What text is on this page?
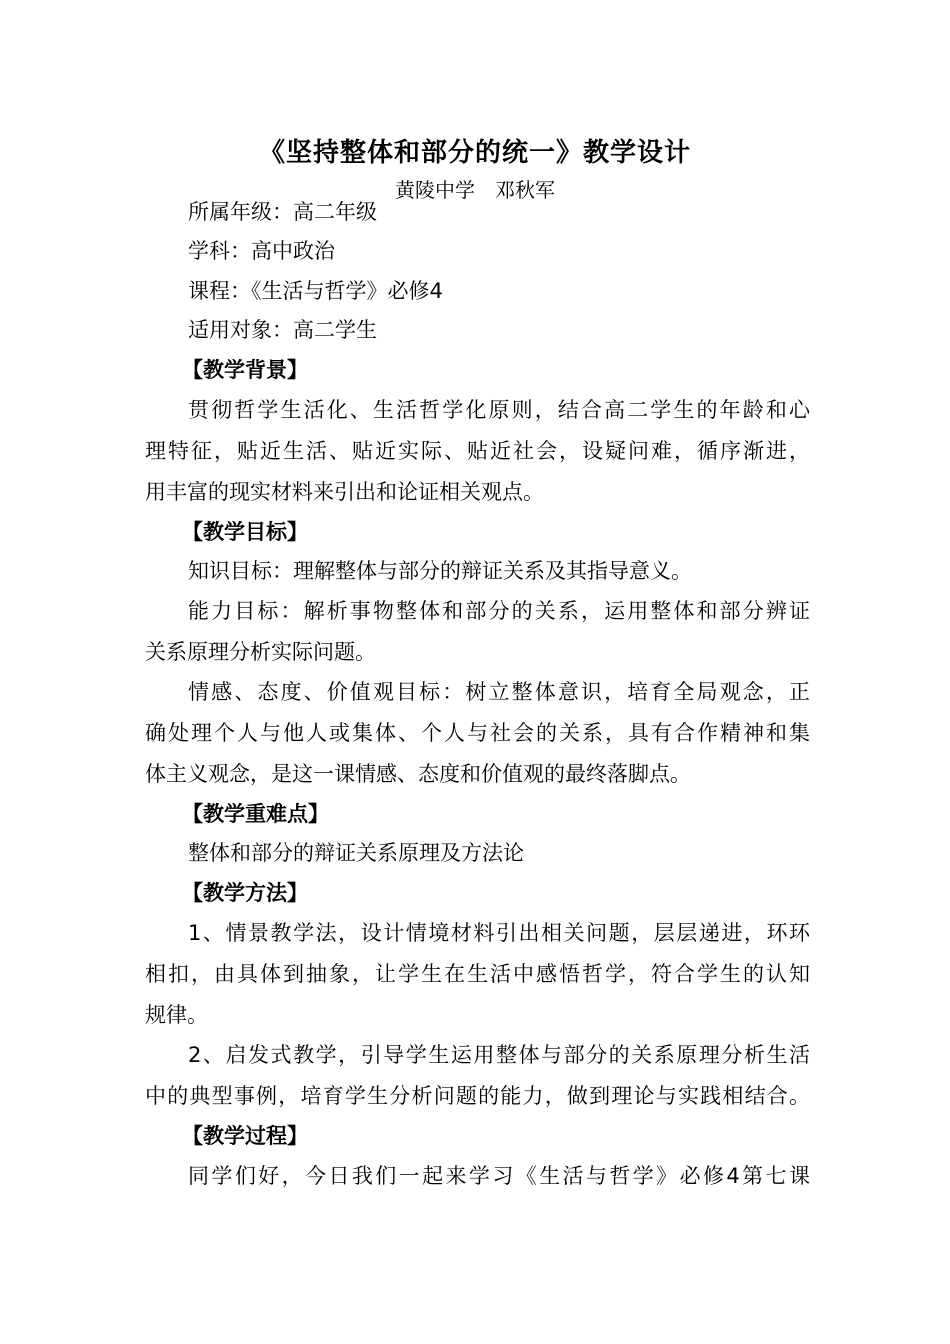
《坚持整体和部分的统一》教学设计
黄陵中学　邓秋军
所属年级：高二年级
学科：高中政治
课程：《生活与哲学》必修4
适用对象：高二学生
【教学背景】
贯彻哲学生活化、生活哲学化原则，结合高二学生的年龄和心
理特征，贴近生活、贴近实际、贴近社会，设疑问难，循序渐进，
用丰富的现实材料来引出和论证相关观点。
【教学目标】
知识目标：理解整体与部分的辩证关系及其指导意义。
能力目标：解析事物整体和部分的关系，运用整体和部分辨证
关系原理分析实际问题。
情感、态度、价值观目标：树立整体意识，培育全局观念，正
确处理个人与他人或集体、个人与社会的关系，具有合作精神和集
体主义观念，是这一课情感、态度和价值观的最终落脚点。
【教学重难点】
整体和部分的辩证关系原理及方法论
【教学方法】
1、情景教学法，设计情境材料引出相关问题，层层递进，环环
相扣，由具体到抽象，让学生在生活中感悟哲学，符合学生的认知
规律。
2、启发式教学，引导学生运用整体与部分的关系原理分析生活
中的典型事例，培育学生分析问题的能力，做到理论与实践相结合。
【教学过程】
同学们好，今日我们一起来学习《生活与哲学》必修4第七课
